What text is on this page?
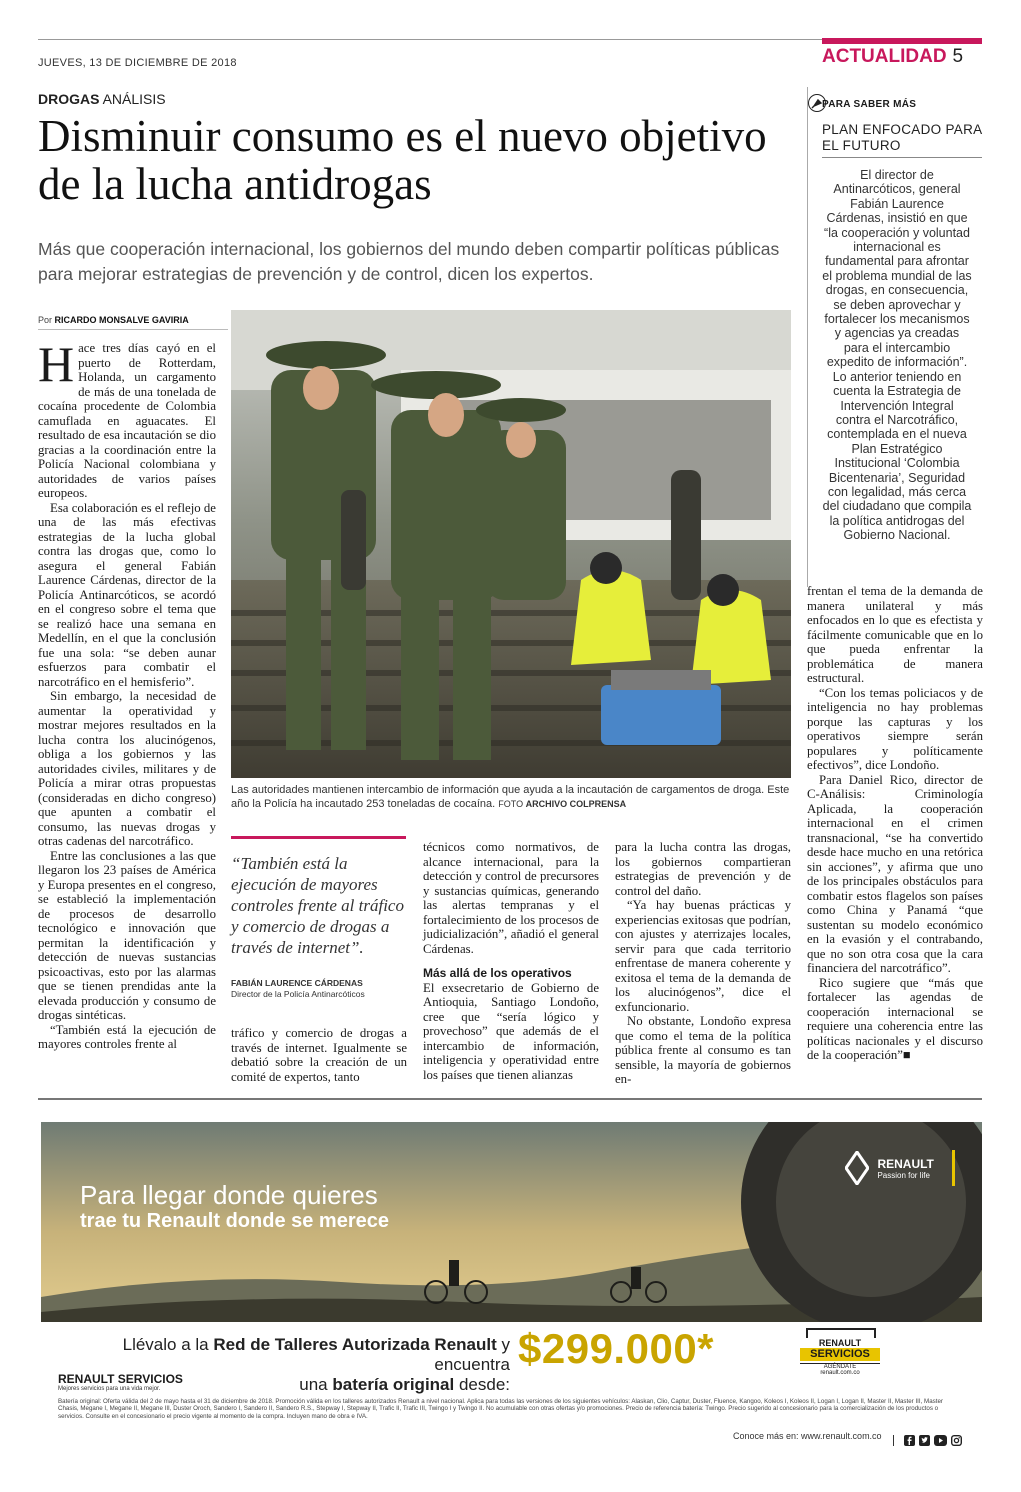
JUEVES, 13 DE DICIEMBRE DE 2018	ACTUALIDAD 5
DROGAS ANÁLISIS
Disminuir consumo es el nuevo objetivo de la lucha antidrogas
Más que cooperación internacional, los gobiernos del mundo deben compartir políticas públicas para mejorar estrategias de prevención y de control, dicen los expertos.
Por RICARDO MONSALVE GAVIRIA

Hace tres días cayó en el puerto de Rotterdam, Holanda, un cargamento de más de una tonelada de cocaína procedente de Colombia camuflada en aguacates. El resultado de esa incautación se dio gracias a la coordinación entre la Policía Nacional colombiana y autoridades de varios países europeos.

Esa colaboración es el reflejo de una de las más efectivas estrategias de la lucha global contra las drogas que, como lo asegura el general Fabián Laurence Cárdenas, director de la Policía Antinarcóticos, se acordó en el congreso sobre el tema que se realizó hace una semana en Medellín, en el que la conclusión fue una sola: “se deben aunar esfuerzos para combatir el narcotráfico en el hemisferio”.

Sin embargo, la necesidad de aumentar la operatividad y mostrar mejores resultados en la lucha contra los alucinógenos, obliga a los gobiernos y las autoridades civiles, militares y de Policía a mirar otras propuestas (consideradas en dicho congreso) que apunten a combatir el consumo, las nuevas drogas y otras cadenas del narcotráfico.

Entre las conclusiones a las que llegaron los 23 países de América y Europa presentes en el congreso, se estableció la implementación de procesos de desarrollo tecnológico e innovación que permitan la identificación y detección de nuevas sustancias psicoactivas, esto por las alarmas que se tienen prendidas ante la elevada producción y consumo de drogas sintéticas.

“También está la ejecución de mayores controles frente al

Las autoridades mantienen intercambio de información que ayuda a la incautación de cargamentos de droga. Este año la Policía ha incautado 253 toneladas de cocaína. FOTO ARCHIVO COLPRENSA
“También está la ejecución de mayores controles frente al tráfico y comercio de drogas a través de internet”.
FABIÁN LAURENCE CÁRDENAS
Director de la Policía Antinarcóticos

tráfico y comercio de drogas a través de internet. Igualmente se debatió sobre la creación de un comité de expertos, tanto

técnicos como normativos, de alcance internacional, para la detección y control de precursores y sustancias químicas, generando las alertas tempranas y el fortalecimiento de los procesos de judicialización”, añadió el general Cárdenas.

Más allá de los operativos

El exsecretario de Gobierno de Antioquia, Santiago Londoño, cree que “sería lógico y provechoso” que además de el intercambio de información, inteligencia y operatividad entre los países que tienen alianzas

para la lucha contra las drogas, los gobiernos compartieran estrategias de prevención y de control del daño.

“Ya hay buenas prácticas y experiencias exitosas que podrían, con ajustes y aterrizajes locales, servir para que cada territorio enfrentase de manera coherente y exitosa el tema de la demanda de los alucinógenos”, dice el exfuncionario.

No obstante, Londoño expresa que como el tema de la política pública frente al consumo es tan sensible, la mayoría de gobiernos en-

frentan el tema de la demanda de manera unilateral y más enfocados en lo que es efectista y fácilmente comunicable que en lo que pueda enfrentar la problemática de manera estructural.

“Con los temas policiacos y de inteligencia no hay problemas porque las capturas y los operativos siempre serán populares y políticamente efectivos”, dice Londoño.

Para Daniel Rico, director de C-Análisis: Criminología Aplicada, la cooperación internacional en el crimen transnacional, “se ha convertido desde hace mucho en una retórica sin acciones”, y afirma que uno de los principales obstáculos para combatir estos flagelos son países como China y Panamá “que sustentan su modelo económico en la evasión y el contrabando, que no son otra cosa que la cara financiera del narcotráfico”.

Rico sugiere que “más que fortalecer las agendas de cooperación internacional se requiere una coherencia entre las políticas nacionales y el discurso de la cooperación”■

PARA SABER MÁS
PLAN ENFOCADO PARA EL FUTURO
El director de Antinarcóticos, general Fabián Laurence Cárdenas, insistió en que “la cooperación y voluntad internacional es fundamental para afrontar el problema mundial de las drogas, en consecuencia, se deben aprovechar y fortalecer los mecanismos y agencias ya creadas para el intercambio expedito de información”. Lo anterior teniendo en cuenta la Estrategia de Intervención Integral contra el Narcotráfico, contemplada en el nueva Plan Estratégico Institucional ‘Colombia Bicentenaria’, Seguridad con legalidad, más cerca del ciudadano que compila la política antidrogas del Gobierno Nacional.
Para llegar donde quieres
trae tu Renault donde se merece

RENAULT
Passion for life

Llévalo a la Red de Talleres Autorizada Renault y encuentra
una batería original desde:
$299.000*	RENAULT
SERVICIOS
AGÉNDATE
renault.com.co
RENAULT SERVICIOS
Mejores servicios para una vida mejor.
Batería original: Oferta válida del 2 de mayo hasta el 31 de diciembre de 2018. Promoción válida en los talleres autorizados Renault a nivel nacional. Aplica para todas las versiones de los siguientes vehículos: Alaskan, Clio, Captur, Duster, Fluence, Kangoo, Koleos I, Koleos II, Logan I, Logan II, Master II, Master III, Master Chasis, Megane I, Megane II, Megane III, Duster Oroch, Sandero I, Sandero II, Sandero R.S., Stepway I, Stepway II, Trafic II, Trafic III, Twingo I y Twingo II. No acumulable con otras ofertas y/o promociones. Precio de referencia batería: Twingo. Precio sugerido al concesionario para la comercialización de los productos o servicios. Consulte en el concesionario el precio vigente al momento de la compra. Incluyen mano de obra e IVA.
Conoce más en: www.renault.com.co
